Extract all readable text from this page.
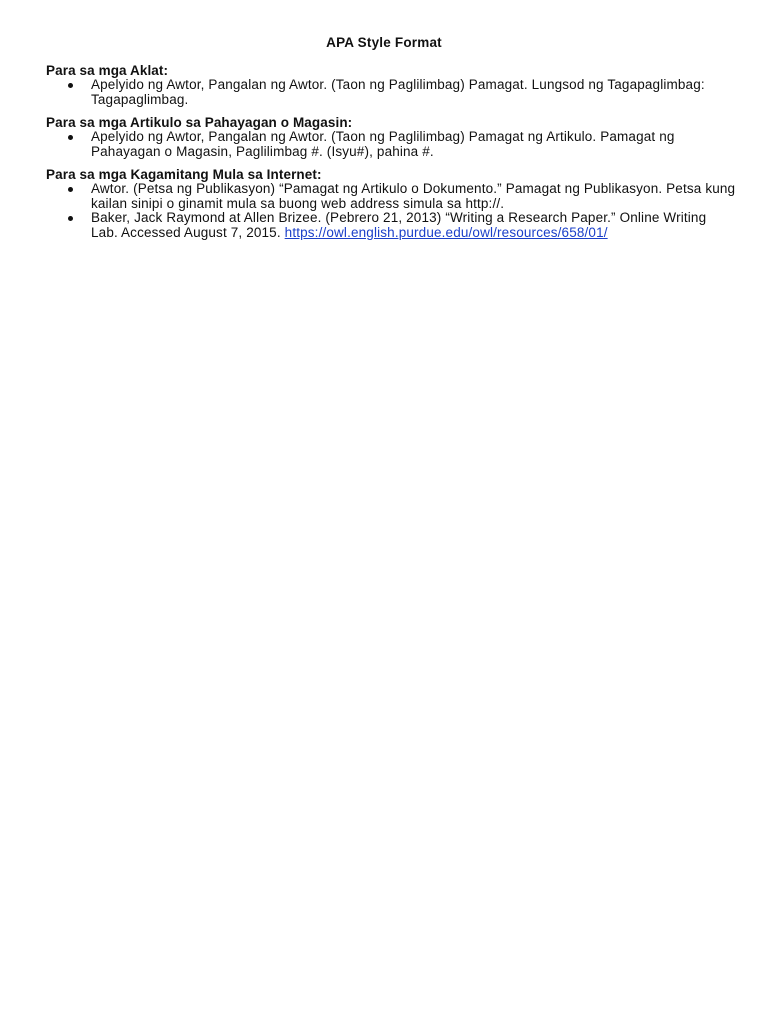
APA Style Format
Para sa mga Aklat:
Apelyido ng Awtor, Pangalan ng Awtor. (Taon ng Paglilimbag) Pamagat. Lungsod ng Tagapaglimbag: Tagapaglimbag.
Para sa mga Artikulo sa Pahayagan o Magasin:
Apelyido ng Awtor, Pangalan ng Awtor. (Taon ng Paglilimbag) Pamagat ng Artikulo. Pamagat ng Pahayagan o Magasin, Paglilimbag #. (Isyu#), pahina #.
Para sa mga Kagamitang Mula sa Internet:
Awtor. (Petsa ng Publikasyon) “Pamagat ng Artikulo o Dokumento.” Pamagat ng Publikasyon. Petsa kung kailan sinipi o ginamit mula sa buong web address simula sa http://.
Baker, Jack Raymond at Allen Brizee. (Pebrero 21, 2013) “Writing a Research Paper.” Online Writing Lab. Accessed August 7, 2015. https://owl.english.purdue.edu/owl/resources/658/01/
